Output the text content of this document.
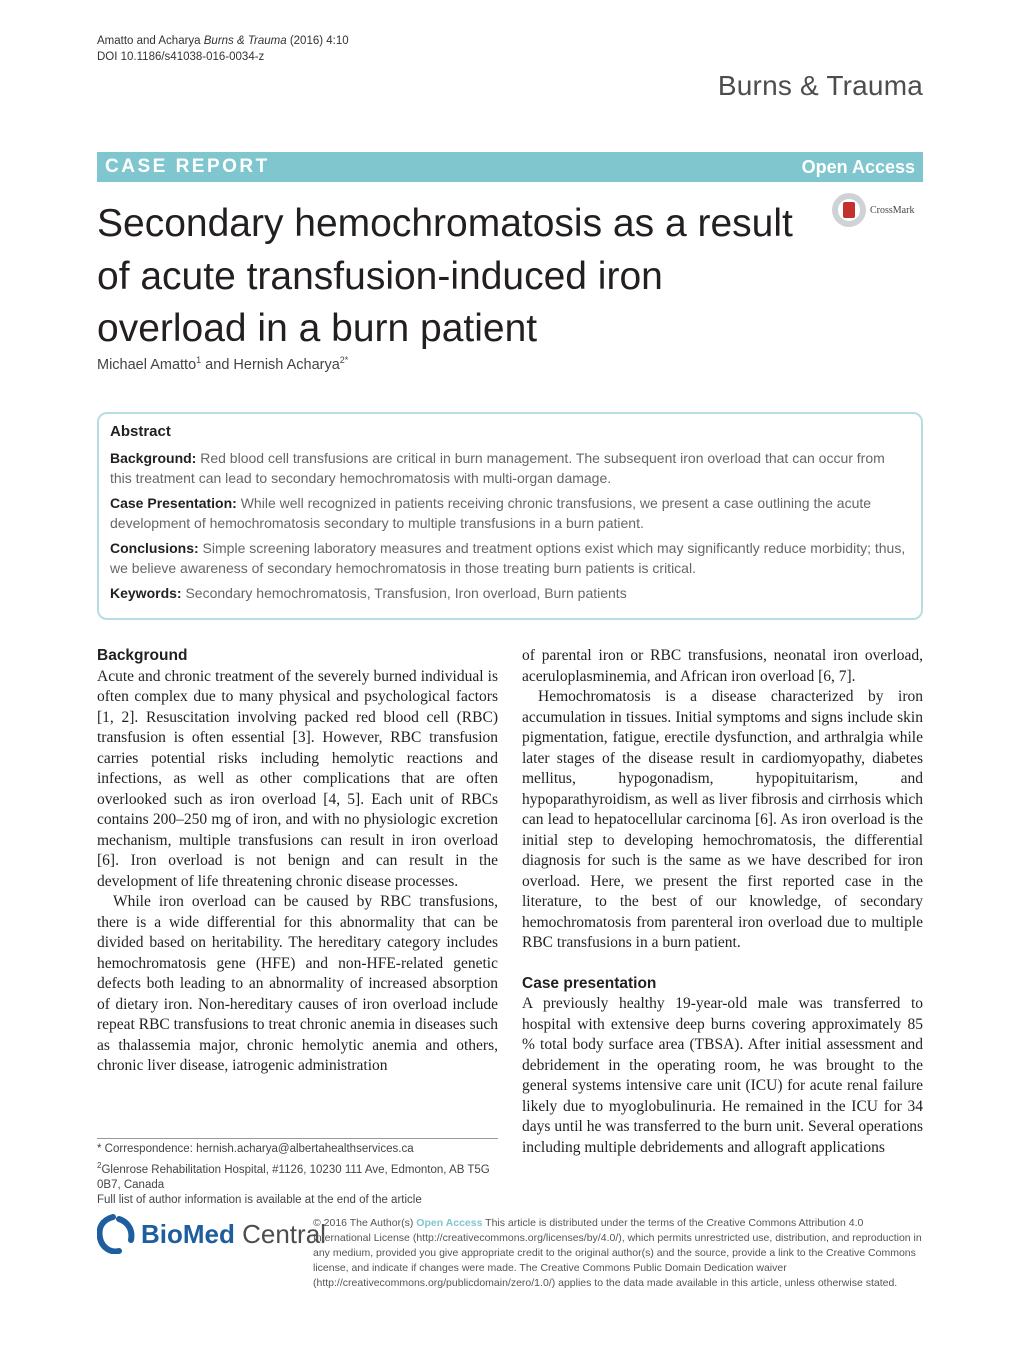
Amatto and Acharya Burns & Trauma (2016) 4:10
DOI 10.1186/s41038-016-0034-z
Burns & Trauma
CASE REPORT	Open Access
Secondary hemochromatosis as a result of acute transfusion-induced iron overload in a burn patient
CrossMark
Michael Amatto$^1$ and Hernish Acharya$^{2*}$
Abstract
Background: Red blood cell transfusions are critical in burn management. The subsequent iron overload that can occur from this treatment can lead to secondary hemochromatosis with multi-organ damage.
Case Presentation: While well recognized in patients receiving chronic transfusions, we present a case outlining the acute development of hemochromatosis secondary to multiple transfusions in a burn patient.
Conclusions: Simple screening laboratory measures and treatment options exist which may significantly reduce morbidity; thus, we believe awareness of secondary hemochromatosis in those treating burn patients is critical.
Keywords: Secondary hemochromatosis, Transfusion, Iron overload, Burn patients
Background

Acute and chronic treatment of the severely burned individual is often complex due to many physical and psychological factors [1, 2]. Resuscitation involving packed red blood cell (RBC) transfusion is often essential [3]. However, RBC transfusion carries potential risks including hemolytic reactions and infections, as well as other complications that are often overlooked such as iron overload [4, 5]. Each unit of RBCs contains 200–250 mg of iron, and with no physiologic excretion mechanism, multiple transfusions can result in iron overload [6]. Iron overload is not benign and can result in the development of life threatening chronic disease processes.

While iron overload can be caused by RBC transfusions, there is a wide differential for this abnormality that can be divided based on heritability. The hereditary category includes hemochromatosis gene (HFE) and non-HFE-related genetic defects both leading to an abnormality of increased absorption of dietary iron. Non-hereditary causes of iron overload include repeat RBC transfusions to treat chronic anemia in diseases such as thalassemia major, chronic hemolytic anemia and others, chronic liver disease, iatrogenic administration

of parental iron or RBC transfusions, neonatal iron overload, aceruloplasminemia, and African iron overload [6, 7].

Hemochromatosis is a disease characterized by iron accumulation in tissues. Initial symptoms and signs include skin pigmentation, fatigue, erectile dysfunction, and arthralgia while later stages of the disease result in cardiomyopathy, diabetes mellitus, hypogonadism, hypopituitarism, and hypoparathyroidism, as well as liver fibrosis and cirrhosis which can lead to hepatocellular carcinoma [6]. As iron overload is the initial step to developing hemochromatosis, the differential diagnosis for such is the same as we have described for iron overload. Here, we present the first reported case in the literature, to the best of our knowledge, of secondary hemochromatosis from parenteral iron overload due to multiple RBC transfusions in a burn patient.

Case presentation

A previously healthy 19-year-old male was transferred to hospital with extensive deep burns covering approximately 85 % total body surface area (TBSA). After initial assessment and debridement in the operating room, he was brought to the general systems intensive care unit (ICU) for acute renal failure likely due to myoglobulinuria. He remained in the ICU for 34 days until he was transferred to the burn unit. Several operations including multiple debridements and allograft applications

* Correspondence: hernish.acharya@albertahealthservices.ca

$^2$Glenrose Rehabilitation Hospital, #1126, 10230 111 Ave, Edmonton, AB T5G 0B7, Canada

Full list of author information is available at the end of the article

BioMed Central
© 2016 The Author(s) Open Access This article is distributed under the terms of the Creative Commons Attribution 4.0 International License (http://creativecommons.org/licenses/by/4.0/), which permits unrestricted use, distribution, and reproduction in any medium, provided you give appropriate credit to the original author(s) and the source, provide a link to the Creative Commons license, and indicate if changes were made. The Creative Commons Public Domain Dedication waiver (http://creativecommons.org/publicdomain/zero/1.0/) applies to the data made available in this article, unless otherwise stated.
